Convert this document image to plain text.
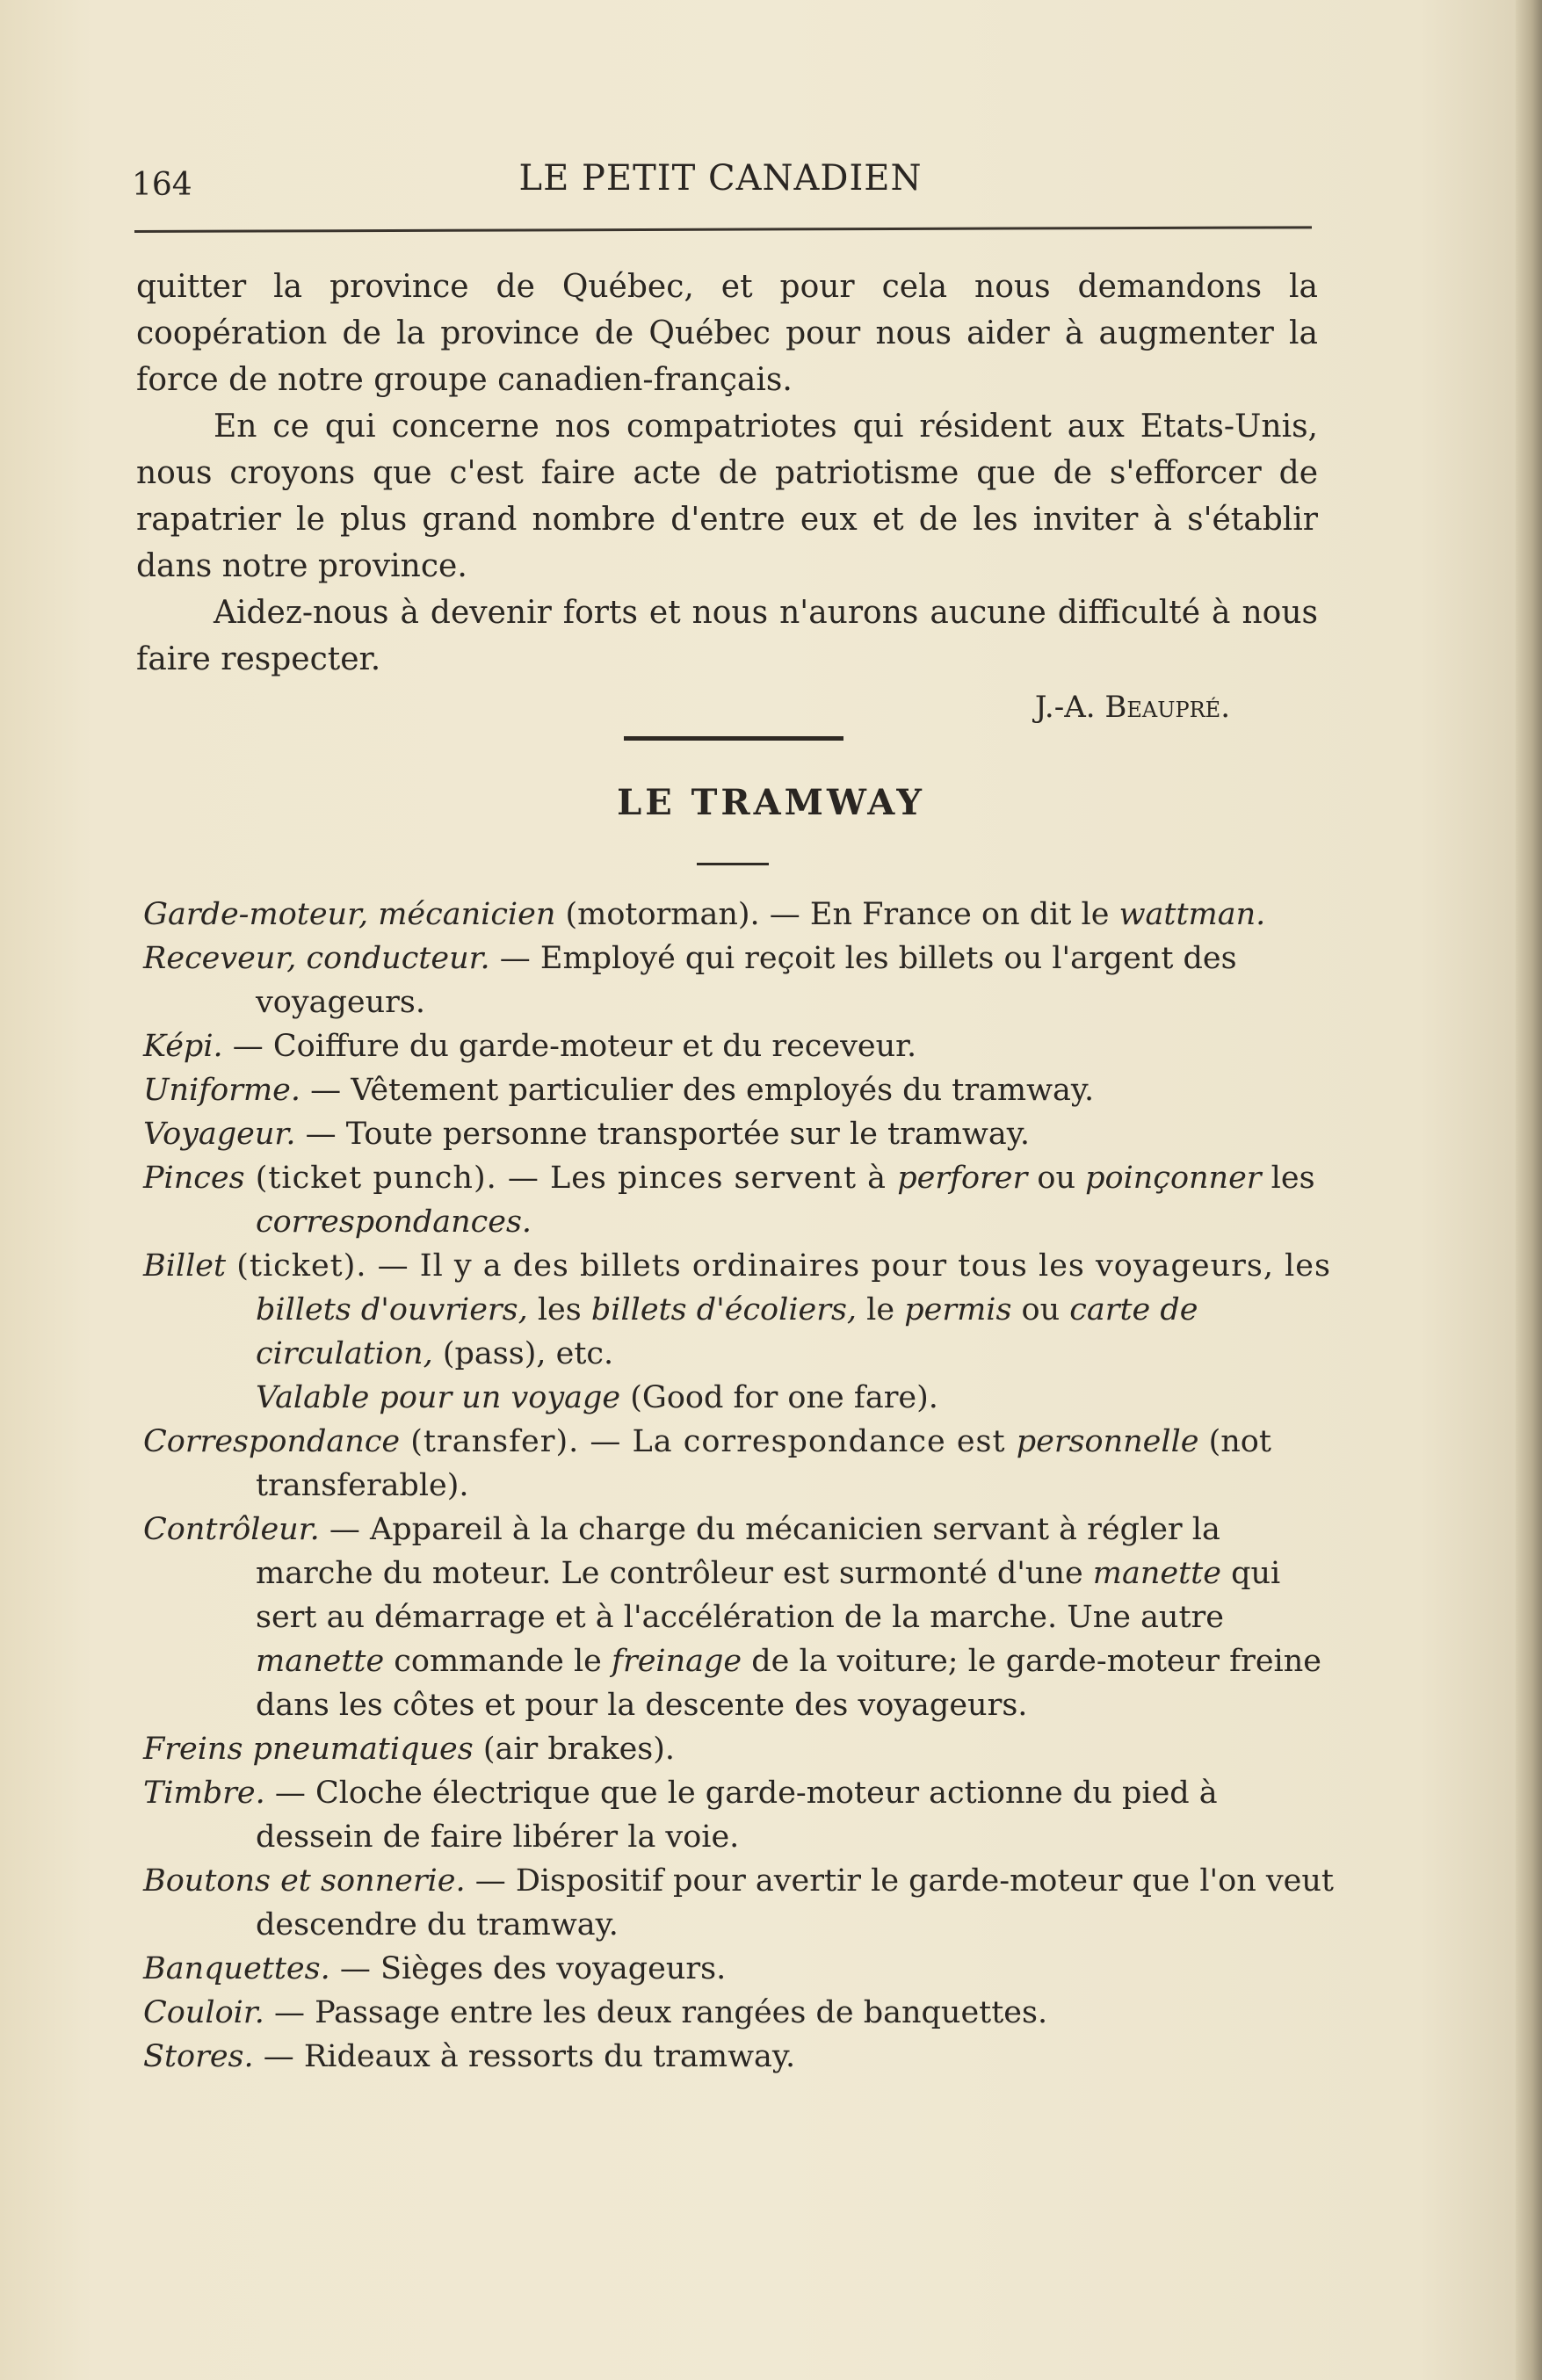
164	LE PETIT CANADIEN

quitter la province de Québec, et pour cela nous demandons la coopération de la province de Québec pour nous aider à augmenter la force de notre groupe canadien-français.

En ce qui concerne nos compatriotes qui résident aux Etats-Unis, nous croyons que c'est faire acte de patriotisme que de s'efforcer de rapatrier le plus grand nombre d'entre eux et de les inviter à s'établir dans notre province.

Aidez-nous à devenir forts et nous n'aurons aucune difficulté à nous faire respecter.

J.-A. Beaupré.
LE TRAMWAY

Garde-moteur, mécanicien (motorman). — En France on dit le wattman.

Receveur, conducteur. — Employé qui reçoit les billets ou l'argent des voyageurs.

Képi. — Coiffure du garde-moteur et du receveur.

Uniforme. — Vêtement particulier des employés du tramway.

Voyageur. — Toute personne transportée sur le tramway.

Pinces (ticket punch). — Les pinces servent à perforer ou poinçonner les correspondances.

Billet (ticket). — Il y a des billets ordinaires pour tous les voyageurs, les billets d'ouvriers, les billets d'écoliers, le permis ou carte de circulation, (pass), etc.

Valable pour un voyage (Good for one fare).

Correspondance (transfer). — La correspondance est personnelle (not transferable).

Contrôleur. — Appareil à la charge du mécanicien servant à régler la marche du moteur. Le contrôleur est surmonté d'une manette qui sert au démarrage et à l'accélération de la marche. Une autre manette commande le freinage de la voiture; le garde-moteur freine dans les côtes et pour la descente des voyageurs.

Freins pneumatiques (air brakes).

Timbre. — Cloche électrique que le garde-moteur actionne du pied à dessein de faire libérer la voie.

Boutons et sonnerie. — Dispositif pour avertir le garde-moteur que l'on veut descendre du tramway.

Banquettes. — Sièges des voyageurs.

Couloir. — Passage entre les deux rangées de banquettes.

Stores. — Rideaux à ressorts du tramway.
